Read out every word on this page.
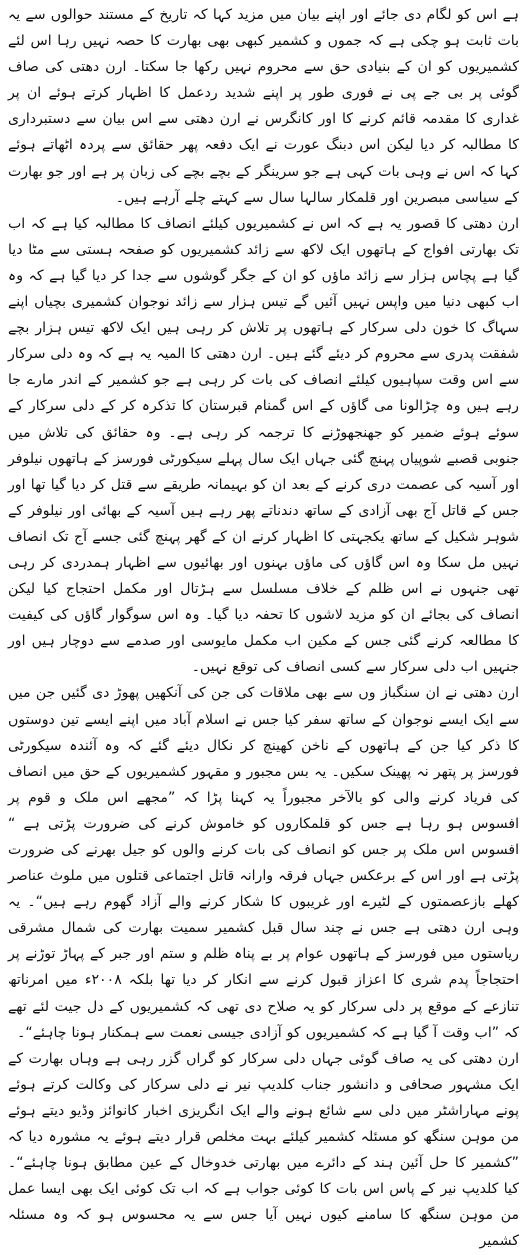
ہے اس کو لگام دی جائے اور اپنے بیان میں مزید کہا کہ تاریخ کے مستند حوالوں سے یہ بات ثابت ہو چکی ہے کہ جموں و کشمیر کبھی بھی بھارت کا حصہ نہیں رہا اس لئے کشمیریوں کو ان کے بنیادی حق سے محروم نہیں رکھا جا سکتا۔ ارن دھتی کی صاف گوئی پر بی جے پی نے فوری طور پر اپنے شدید ردعمل کا اظہار کرتے ہوئے ان پر غداری کا مقدمہ قائم کرنے کا اور کانگرس نے ارن دھتی سے اس بیان سے دستبرداری کا مطالبہ کر دیا لیکن اس دبنگ عورت نے ایک دفعہ پھر حقائق سے پردہ اٹھاتے ہوئے کہا کہ اس نے وہی بات کہی ہے جو سرینگر کے بچے بچے کی زبان پر ہے اور جو بھارت کے سیاسی مبصرین اور قلمکار سالہا سال سے کہتے چلے آرہے ہیں۔

ارن دھتی کا قصور یہ ہے کہ اس نے کشمیریوں کیلئے انصاف کا مطالبہ کیا ہے کہ اب تک بھارتی افواج کے ہاتھوں ایک لاکھ سے زائد کشمیریوں کو صفحہ ہستی سے مٹا دیا گیا ہے پچاس ہزار سے زائد ماؤں کو ان کے جگر گوشوں سے جدا کر دیا گیا ہے کہ وہ اب کبھی دنیا میں واپس نہیں آئیں گے تیس ہزار سے زائد نوجوان کشمیری بچیاں اپنے سہاگ کا خون دلی سرکار کے ہاتھوں پر تلاش کر رہی ہیں ایک لاکھ تیس ہزار بچے شفقت پدری سے محروم کر دیئے گئے ہیں۔ ارن دھتی کا المیہ یہ ہے کہ وہ دلی سرکار سے اس وقت سپاہیوں کیلئے انصاف کی بات کر رہی ہے جو کشمیر کے اندر مارے جا رہے ہیں وہ چڑالونا می گاؤں کے اس گمنام قبرستان کا تذکرہ کر کے دلی سرکار کے سوئے ہوئے ضمیر کو جھنجھوڑنے کا ترجمہ کر رہی ہے۔ وہ حقائق کی تلاش میں جنوبی قصبے شوپیاں پہنچ گئی جہاں ایک سال پہلے سیکورٹی فورسز کے ہاتھوں نیلوفر اور آسیہ کی عصمت دری کرنے کے بعد ان کو بہیمانہ طریقے سے قتل کر دیا گیا تھا اور جس کے قاتل آج بھی آزادی کے ساتھ دندناتے پھر رہے ہیں آسیہ کے بھائی اور نیلوفر کے شوہر شکیل کے ساتھ یکجہتی کا اظہار کرنے ان کے گھر پہنچ گئی جسے آج تک انصاف نہیں مل سکا وہ اس گاؤں کی ماؤں بہنوں اور بھائیوں سے اظہار ہمدردی کر رہی تھی جنہوں نے اس ظلم کے خلاف مسلسل سے ہڑتال اور مکمل احتجاج کیا لیکن انصاف کی بجائے ان کو مزید لاشوں کا تحفہ دیا گیا۔ وہ اس سوگوار گاؤں کی کیفیت کا مطالعہ کرنے گئی جس کے مکین اب مکمل مایوسی اور صدمے سے دوچار ہیں اور جنہیں اب دلی سرکار سے کسی انصاف کی توقع نہیں۔

ارن دھتی نے ان سنگباز وں سے بھی ملاقات کی جن کی آنکھیں پھوڑ دی گئیں جن میں سے ایک ایسے نوجوان کے ساتھ سفر کیا جس نے اسلام آباد میں اپنے ایسے تین دوستوں کا ذکر کیا جن کے ہاتھوں کے ناخن کھینچ کر نکال دیئے گئے کہ وہ آئندہ سیکورٹی فورسز پر پتھر نہ پھینک سکیں۔ یہ بس مجبور و مقہور کشمیریوں کے حق میں انصاف کی فریاد کرنے والی کو بالآخر مجبوراً یہ کہنا پڑا کہ ”مجھے اس ملک و قوم پر افسوس ہو رہا ہے جس کو قلمکاروں کو خاموش کرنے کی ضرورت پڑتی ہے “ افسوس اس ملک پر جس کو انصاف کی بات کرنے والوں کو جیل بھرنے کی ضرورت پڑتی ہے اور اس کے برعکس جہاں فرقہ وارانہ قاتل اجتماعی قتلوں میں ملوث عناصر کھلے بازعصمتوں کے لٹیرے اور غریبوں کا شکار کرنے والے آزاد گھوم رہے ہیں“۔ یہ وہی ارن دھتی ہے جس نے چند سال قبل کشمیر سمیت بھارت کی شمال مشرقی ریاستوں میں فورسز کے ہاتھوں عوام پر بے پناہ ظلم و ستم اور جبر کے پہاڑ توڑنے پر احتجاجاً پدم شری کا اعزاز قبول کرنے سے انکار کر دیا تھا بلکہ ۲۰۰۸ء میں امرناتھ تنازعے کے موقع پر دلی سرکار کو یہ صلاح دی تھی کہ کشمیریوں کے دل جیت لئے تھے کہ ”اب وقت آ گیا ہے کہ کشمیریوں کو آزادی جیسی نعمت سے ہمکنار ہونا چاہئے“۔

ارن دھتی کی یہ صاف گوئی جہاں دلی سرکار کو گراں گزر رہی ہے وہاں بھارت کے ایک مشہور صحافی و دانشور جناب کلدیپ نیر نے دلی سرکار کی وکالت کرتے ہوئے پونے مہاراشٹر میں دلی سے شائع ہونے والے ایک انگریزی اخبار کانوائز وڈیو دیتے ہوئے من موہن سنگھ کو مسئلہ کشمیر کیلئے بہت مخلص قرار دیتے ہوئے یہ مشورہ دیا کہ ”کشمیر کا حل آئین ہند کے دائرے میں بھارتی خدوخال کے عین مطابق ہونا چاہئے“۔ کیا کلدیپ نیر کے پاس اس بات کا کوئی جواب ہے کہ اب تک کوئی ایک بھی ایسا عمل من موہن سنگھ کا سامنے کیوں نہیں آیا جس سے یہ محسوس ہو کہ وہ مسئلہ کشمیر
